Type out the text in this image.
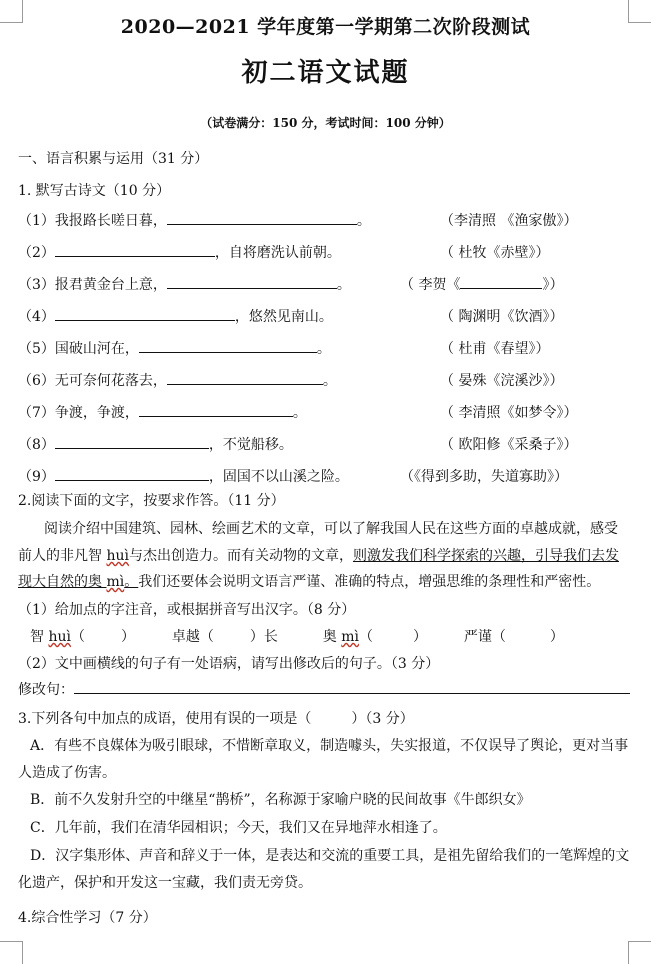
2020—2021 学年度第一学期第二次阶段测试
初二语文试题
（试卷满分：150 分，考试时间：100 分钟）
一、语言积累与运用（31 分）
1. 默写古诗文（10 分）
（1）我报路长嗟日暮，	。	（李清照 《渔家傲》）
（2）	，自将磨洗认前朝。	（ 杜牧《赤壁》）
（3）报君黄金台上意，	。	（ 李贺《	》）
（4）	，悠然见南山。	（ 陶渊明《饮酒》）
（5）国破山河在，	。	（ 杜甫《春望》）
（6）无可奈何花落去，	。	（ 晏殊《浣溪沙》）
（7）争渡，争渡，	。	（ 李清照《如梦令》）
（8）	，不觉船移。	（ 欧阳修《采桑子》）
（9）	，固国不以山溪之险。	（《得到多助，失道寡助》）
2.阅读下面的文字，按要求作答。（11 分）
阅读介绍中国建筑、园林、绘画艺术的文章，可以了解我国人民在这些方面的卓越成就，感受
前人的非凡智 huì与杰出创造力。而有关动物的文章，则激发我们科学探索的兴趣，引导我们去发
现大自然的奥 mì。我们还要体会说明文语言严谨、准确的特点，增强思维的条理性和严密性。
（1）给加点的字注音，或根据拼音写出汉字。（8 分）
智 huì（	）	卓越（	）长	奥 mì（	）	严谨（	）
（2）文中画横线的句子有一处语病，请写出修改后的句子。（3 分）
修改句：
3.下列各句中加点的成语，使用有误的一项是（	）（3 分）
A．有些不良媒体为吸引眼球，不惜断章取义，制造噱头，失实报道，不仅误导了舆论，更对当事
人造成了伤害。
B．前不久发射升空的中继星“鹊桥”，名称源于家喻户晓的民间故事《牛郎织女》
C．几年前，我们在清华园相识；今天，我们又在异地萍水相逢了。
D．汉字集形体、声音和辞义于一体，是表达和交流的重要工具，是祖先留给我们的一笔辉煌的文
化遗产，保护和开发这一宝藏，我们责无旁贷。
4.综合性学习（7 分）
